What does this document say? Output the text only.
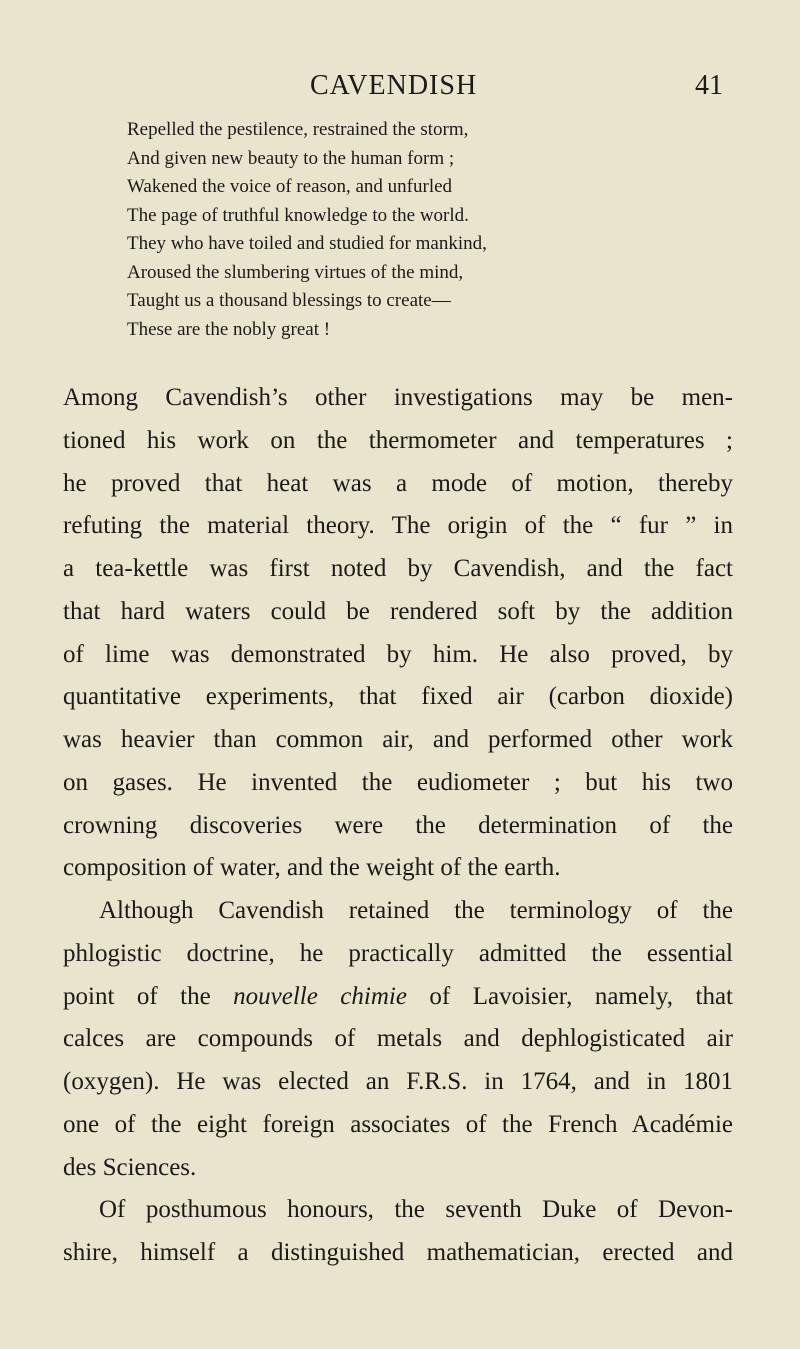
CAVENDISH	41
Repelled the pestilence, restrained the storm,
And given new beauty to the human form ;
Wakened the voice of reason, and unfurled
The page of truthful knowledge to the world.
They who have toiled and studied for mankind,
Aroused the slumbering virtues of the mind,
Taught us a thousand blessings to create—
These are the nobly great !

Among Cavendish’s other investigations may be men-
tioned his work on the thermometer and temperatures ;
he proved that heat was a mode of motion, thereby
refuting the material theory. The origin of the “ fur ” in
a tea-kettle was first noted by Cavendish, and the fact
that hard waters could be rendered soft by the addition
of lime was demonstrated by him. He also proved, by
quantitative experiments, that fixed air (carbon dioxide)
was heavier than common air, and performed other work
on gases. He invented the eudiometer ; but his two
crowning discoveries were the determination of the
composition of water, and the weight of the earth.

Although Cavendish retained the terminology of the
phlogistic doctrine, he practically admitted the essential
point of the nouvelle chimie of Lavoisier, namely, that
calces are compounds of metals and dephlogisticated air
(oxygen). He was elected an F.R.S. in 1764, and in 1801
one of the eight foreign associates of the French Académie
des Sciences.

Of posthumous honours, the seventh Duke of Devon-
shire, himself a distinguished mathematician, erected and
